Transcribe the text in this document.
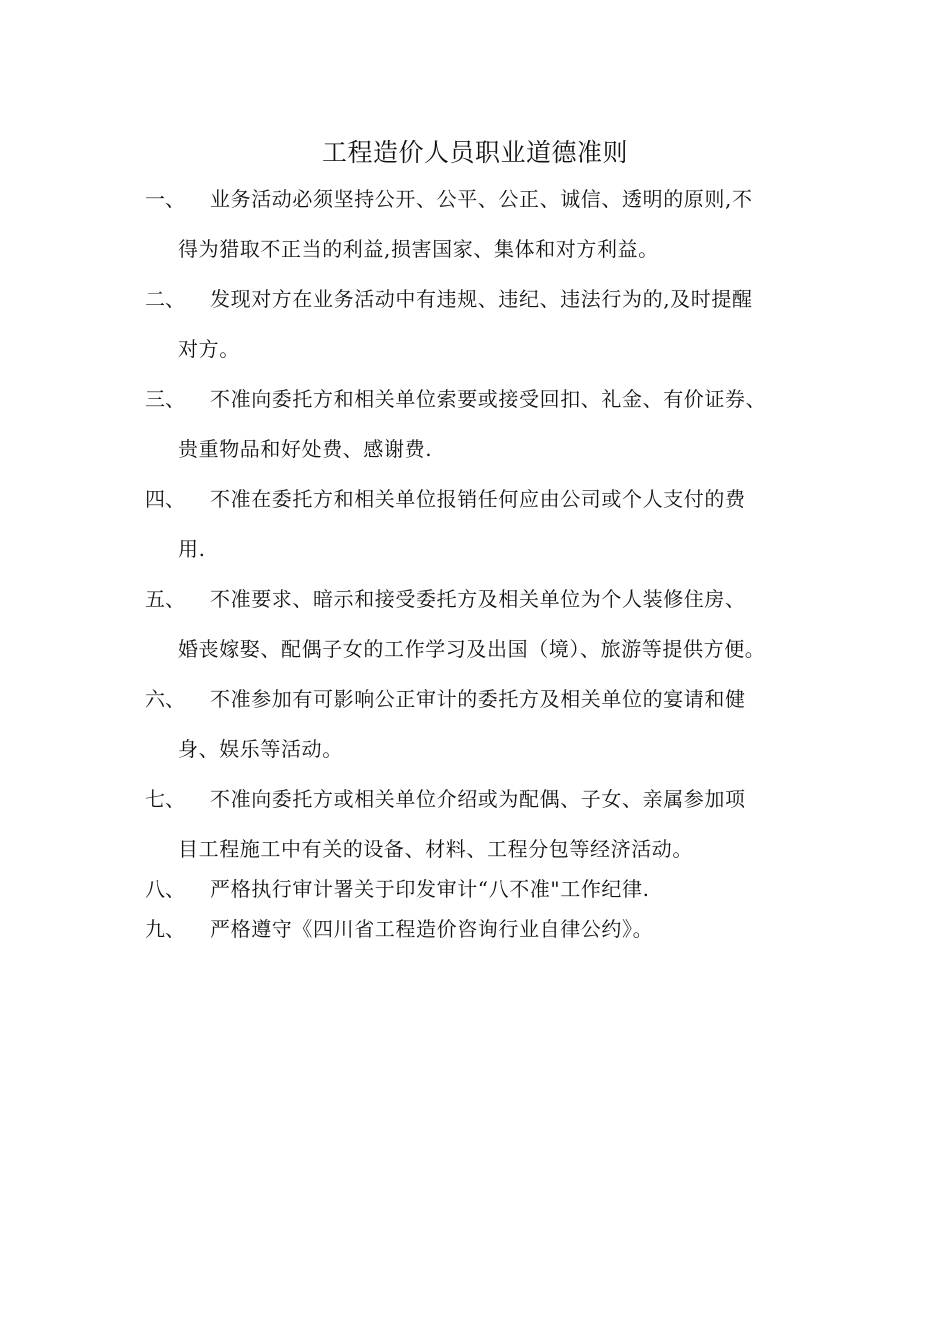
工程造价人员职业道德准则
一、	业务活动必须坚持公开、公平、公正、诚信、透明的原则,不
得为猎取不正当的利益,损害国家、集体和对方利益。
二、	发现对方在业务活动中有违规、违纪、违法行为的,及时提醒
对方。
三、	不准向委托方和相关单位索要或接受回扣、礼金、有价证券、
贵重物品和好处费、感谢费.
四、	不准在委托方和相关单位报销任何应由公司或个人支付的费
用.
五、	不准要求、暗示和接受委托方及相关单位为个人装修住房、
婚丧嫁娶、配偶子女的工作学习及出国（境）、旅游等提供方便。
六、	不准参加有可影响公正审计的委托方及相关单位的宴请和健
身、娱乐等活动。
七、	不准向委托方或相关单位介绍或为配偶、子女、亲属参加项
目工程施工中有关的设备、材料、工程分包等经济活动。
八、	严格执行审计署关于印发审计“八不准"工作纪律.
九、	严格遵守《四川省工程造价咨询行业自律公约》。
